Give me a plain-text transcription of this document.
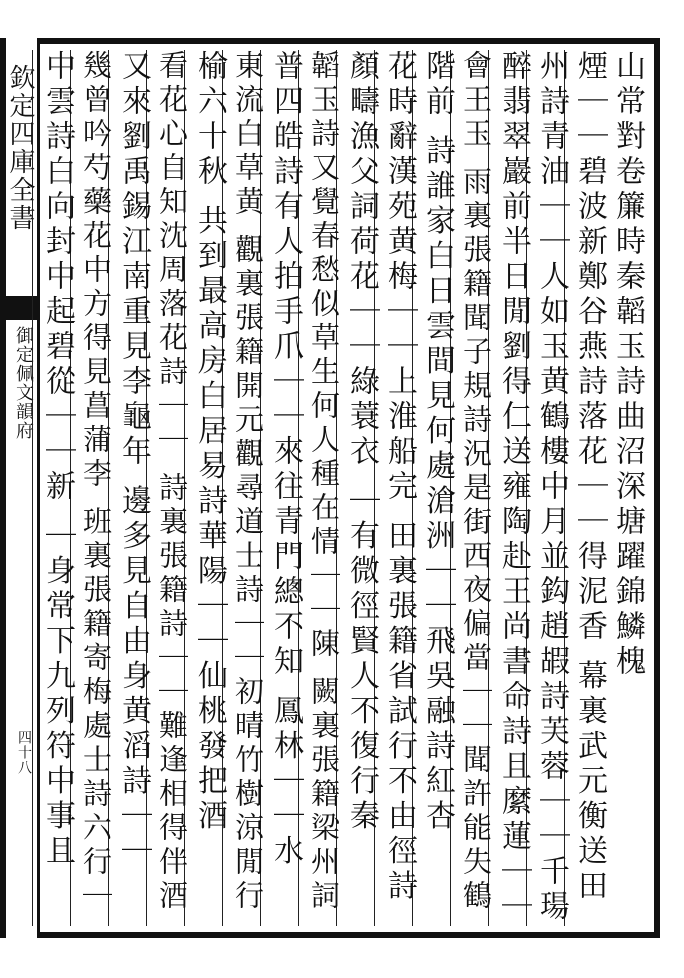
欽定四庫全書
御定佩文韻府
四十八
山常對卷簾時秦韜玉詩曲沼深塘躍錦鱗槐
煙｜｜碧波新鄭谷燕詩落花｜｜得泥香 幕裏武元衡送田
州詩青油｜｜人如玉黄鶴樓中月並鈎趙嘏詩芙蓉｜｜千瑒
醉翡翠巖前半日閒劉得仁送雍陶赴王尚書命詩且縻蓮｜｜
會王玉 雨裏張籍聞子規詩況是街西夜偏當｜｜聞許能失鶴
階前 詩誰家白日雲間見何處滄洲｜｜飛吳融詩紅杏
花時辭漢苑黄梅｜｜上淮船完 田裏張籍省試行不由徑詩
顏疇漁父詞荷花｜｜綠蓑衣 ｜有微徑賢人不復行秦
韜玉詩又覺春愁似草生何人種在情｜｜陳 闕裏張籍梁州詞
普四皓詩有人拍手爪｜｜來往青門總不知 鳳林｜｜水
東流白草黄 觀裏張籍開元觀尋道士詩｜｜初晴竹樹涼閒行
榆六十秋 共到最高房白居易詩華陽｜｜仙桃發把酒
看花心自知沈周落花詩｜｜ 詩裏張籍詩｜｜難逢相得伴酒
又來劉禹錫江南重見李龜年 邊多見自由身黄滔詩｜｜
幾曾吟芍藥花中方得見菖蒲李 班裏張籍寄梅處士詩六行｜
中雲詩白向封中起碧從｜｜新 ｜身常下九列符中事且
